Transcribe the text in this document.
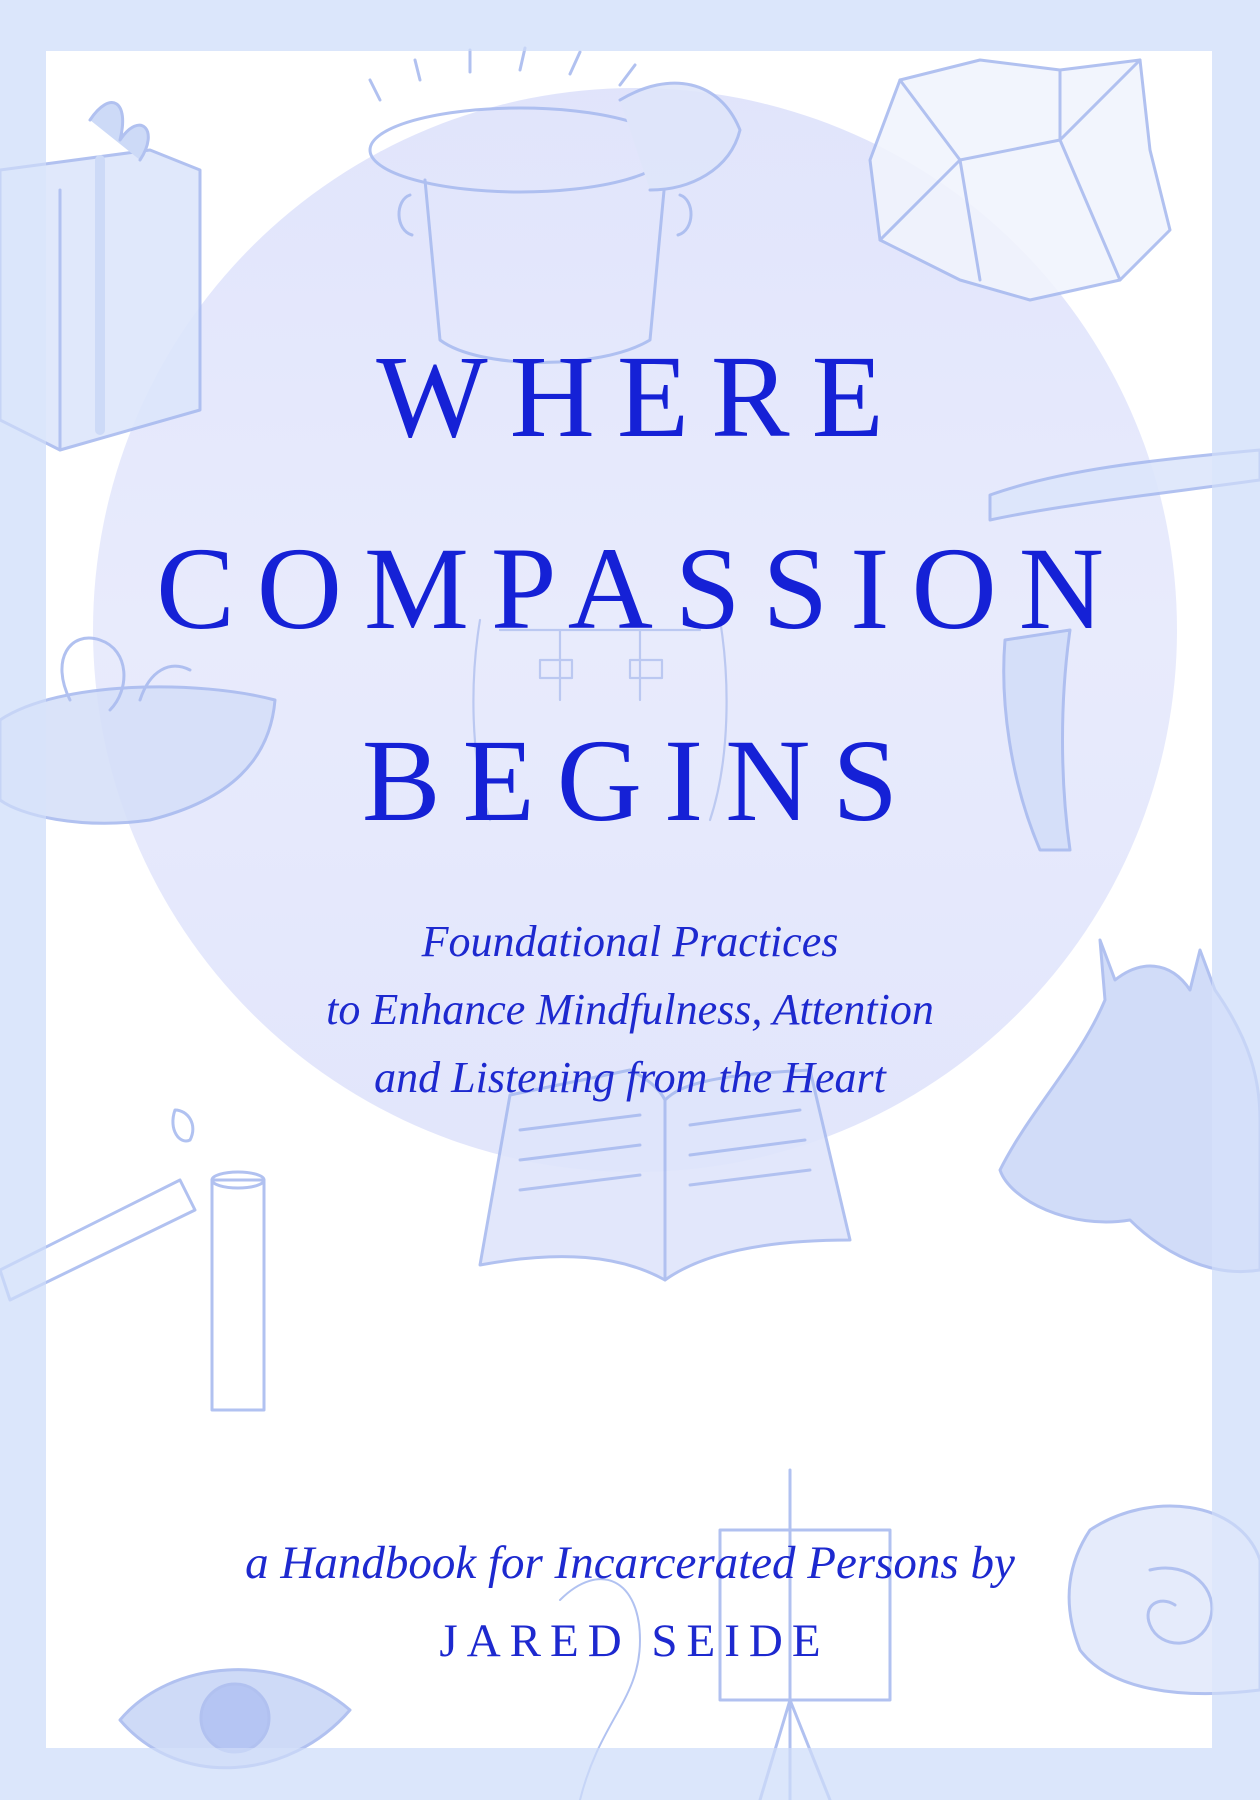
WHERE
COMPASSION
BEGINS
Foundational Practices
to Enhance Mindfulness, Attention
and Listening from the Heart
a Handbook for Incarcerated Persons by
JARED SEIDE
